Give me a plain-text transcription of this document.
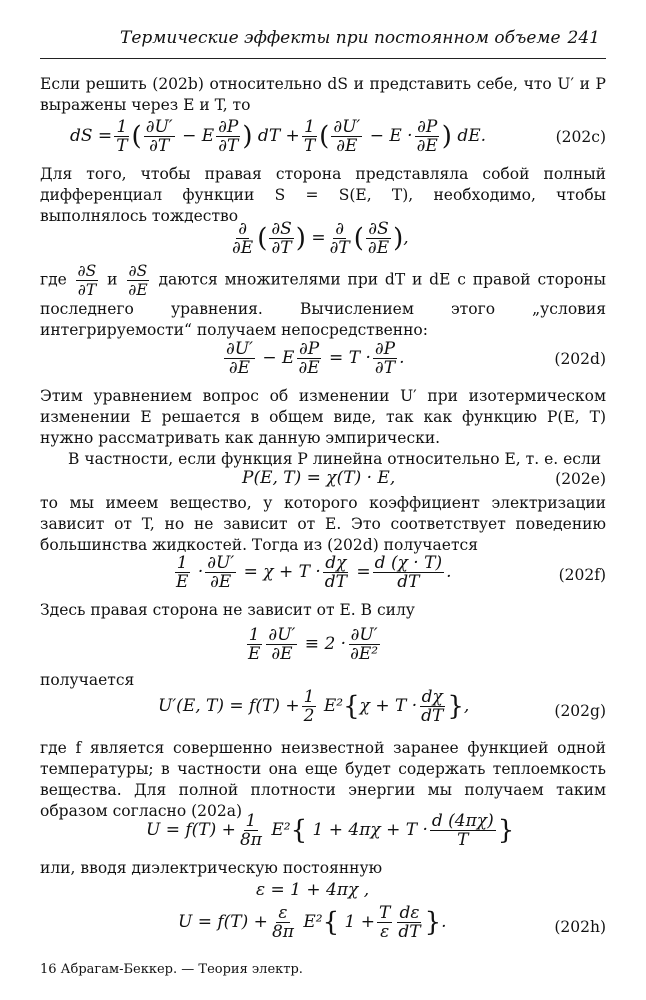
Термические эффекты при постоянном объеме 241
Если решить (202b) относительно dS и представить себе, что U′ и P выражены через E и T, то
dS = $\frac{1}{T}$ ( $\frac{\partial U'}{\partial T} - E \frac{\partial P}{\partial T}$ ) dT + $\frac{1}{T}$ ( $\frac{\partial U'}{\partial E} - E \cdot \frac{\partial P}{\partial E}$ ) dE.	(202c)
Для того, чтобы правая сторона представляла собой полный дифференциал функции S = S(E, T), необходимо, чтобы выполнялось тождество
$\frac{\partial}{\partial E}$ ( $\frac{\partial S}{\partial T}$ ) = $\frac{\partial}{\partial T}$ ( $\frac{\partial S}{\partial E}$ ),
где $\frac{\partial S}{\partial T}$ и $\frac{\partial S}{\partial E}$ даются множителями при dT и dE с правой стороны последнего уравнения. Вычислением этого „условия интегрируемости“ получаем непосредственно:
$\frac{\partial U'}{\partial E} - E \frac{\partial P}{\partial E} = T \cdot \frac{\partial P}{\partial T}$ .	(202d)
Этим уравнением вопрос об изменении U′ при изотермическом изменении E решается в общем виде, так как функцию P(E, T) нужно рассматривать как данную эмпирически.
В частности, если функция P линейна относительно E, т. е. если
P(E, T) = χ(T) · E,	(202e)
то мы имеем вещество, у которого коэффициент электризации зависит от T, но не зависит от E. Это соответствует поведению большинства жидкостей. Тогда из (202d) получается
$\frac{1}{E} \cdot \frac{\partial U'}{\partial E} = \chi + T \cdot \frac{d\chi}{dT} = \frac{d (\chi \cdot T)}{dT}$ .	(202f)
Здесь правая сторона не зависит от E. В силу
$\frac{1}{E} \frac{\partial U'}{\partial E} \equiv 2 \cdot \frac{\partial U'}{\text{∂E²}}$
получается
U′(E, $T) = f(T) + \frac{1}{2} E^2\{\chi + T \cdot \frac{d\chi}{dT}$ },	(202g)
где f является совершенно неизвестной заранее функцией одной температуры; в частности она еще будет содержать теплоемкость вещества. Для полной плотности энергии мы получаем таким образом согласно (202a)
$U = f(T) + \frac{1}{8\pi} E^2${ $1 + 4\pi\chi + T \cdot \frac{d (4\pi\chi)}{T}$ }
или, вводя диэлектрическую постоянную
ε = 1 + 4πχ ,
$U = f(T) + \frac{\varepsilon}{8\pi} E^2${ $1 + \frac{T}{\varepsilon} \frac{d\varepsilon}{dT}$ }.	(202h)
16 Абрагам-Беккер. — Теория электр.
